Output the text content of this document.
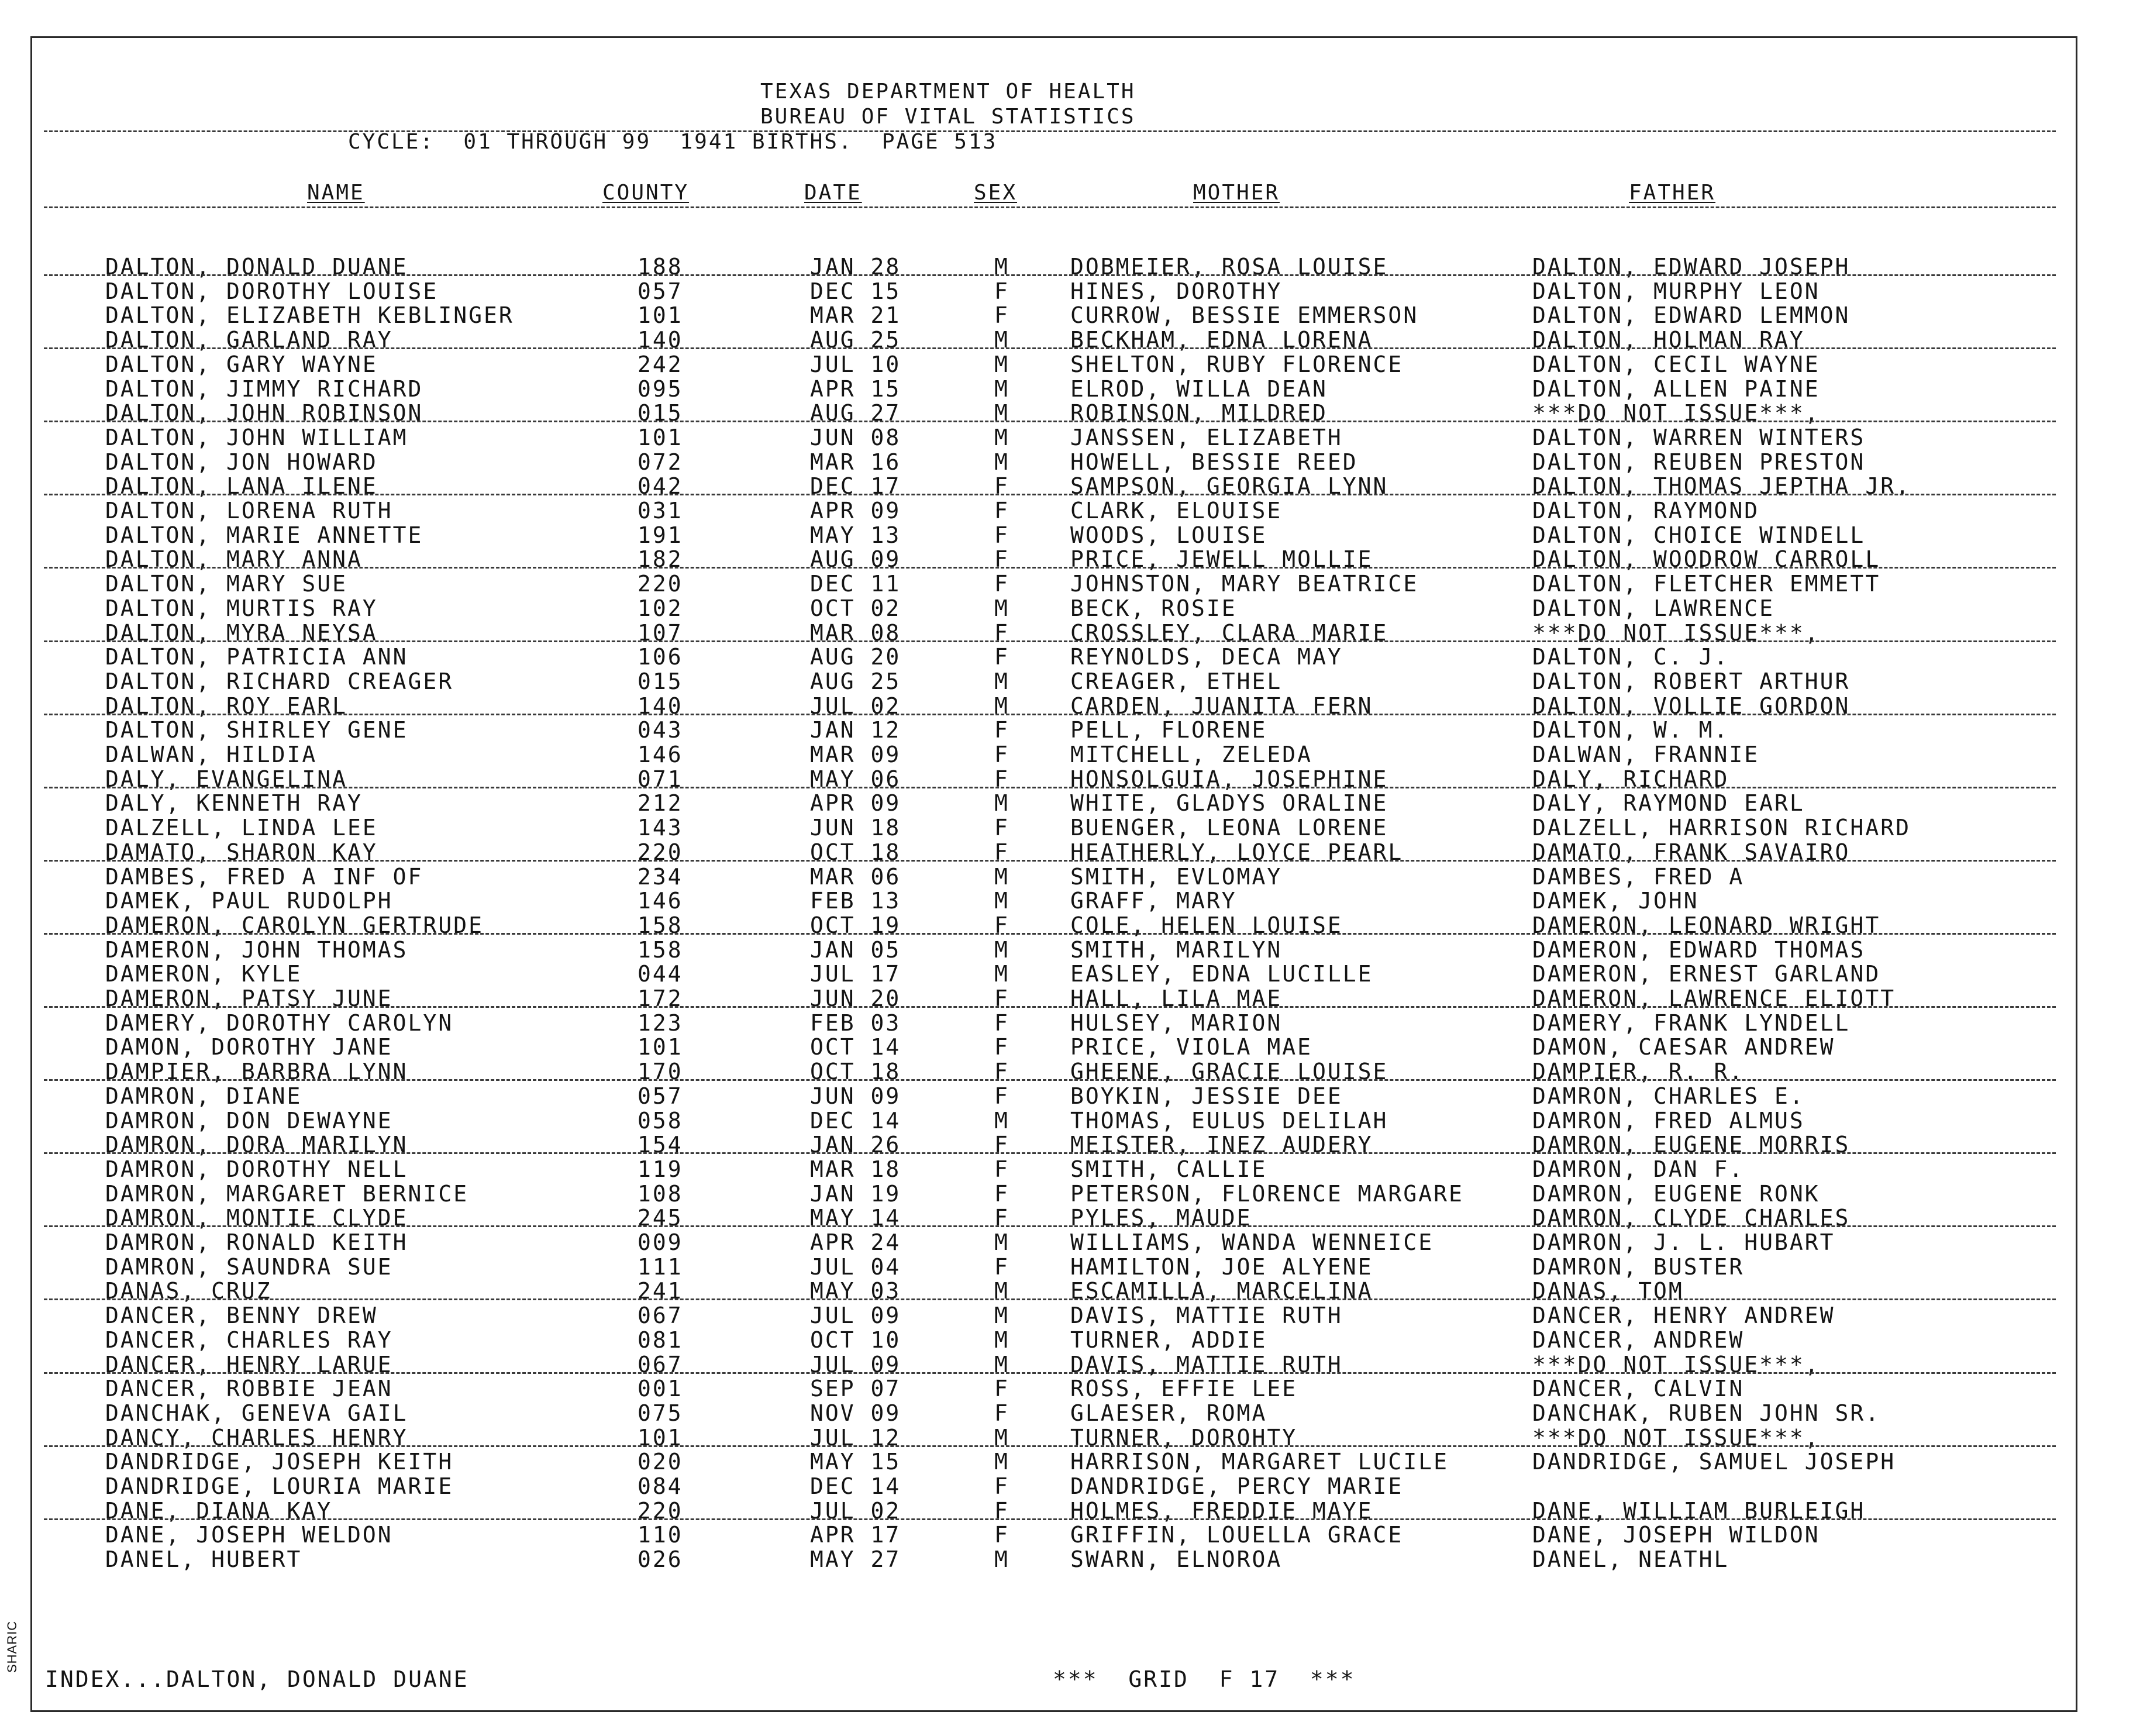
TEXAS DEPARTMENT OF HEALTH
BUREAU OF VITAL STATISTICS
CYCLE:  01 THROUGH 99  1941 BIRTHS.  PAGE 513
NAME	COUNTY	DATE	SEX	MOTHER	FATHER
DALTON, DONALD DUANE	188	JAN 28	M	DOBMEIER, ROSA LOUISE	DALTON, EDWARD JOSEPH
DALTON, DOROTHY LOUISE	057	DEC 15	F	HINES, DOROTHY	DALTON, MURPHY LEON
DALTON, ELIZABETH KEBLINGER	101	MAR 21	F	CURROW, BESSIE EMMERSON	DALTON, EDWARD LEMMON
DALTON, GARLAND RAY	140	AUG 25	M	BECKHAM, EDNA LORENA	DALTON, HOLMAN RAY
DALTON, GARY WAYNE	242	JUL 10	M	SHELTON, RUBY FLORENCE	DALTON, CECIL WAYNE
DALTON, JIMMY RICHARD	095	APR 15	M	ELROD, WILLA DEAN	DALTON, ALLEN PAINE
DALTON, JOHN ROBINSON	015	AUG 27	M	ROBINSON, MILDRED	***DO NOT ISSUE***,
DALTON, JOHN WILLIAM	101	JUN 08	M	JANSSEN, ELIZABETH	DALTON, WARREN WINTERS
DALTON, JON HOWARD	072	MAR 16	M	HOWELL, BESSIE REED	DALTON, REUBEN PRESTON
DALTON, LANA ILENE	042	DEC 17	F	SAMPSON, GEORGIA LYNN	DALTON, THOMAS JEPTHA JR.
DALTON, LORENA RUTH	031	APR 09	F	CLARK, ELOUISE	DALTON, RAYMOND
DALTON, MARIE ANNETTE	191	MAY 13	F	WOODS, LOUISE	DALTON, CHOICE WINDELL
DALTON, MARY ANNA	182	AUG 09	F	PRICE, JEWELL MOLLIE	DALTON, WOODROW CARROLL
DALTON, MARY SUE	220	DEC 11	F	JOHNSTON, MARY BEATRICE	DALTON, FLETCHER EMMETT
DALTON, MURTIS RAY	102	OCT 02	M	BECK, ROSIE	DALTON, LAWRENCE
DALTON, MYRA NEYSA	107	MAR 08	F	CROSSLEY, CLARA MARIE	***DO NOT ISSUE***,
DALTON, PATRICIA ANN	106	AUG 20	F	REYNOLDS, DECA MAY	DALTON, C. J.
DALTON, RICHARD CREAGER	015	AUG 25	M	CREAGER, ETHEL	DALTON, ROBERT ARTHUR
DALTON, ROY EARL	140	JUL 02	M	CARDEN, JUANITA FERN	DALTON, VOLLIE GORDON
DALTON, SHIRLEY GENE	043	JAN 12	F	PELL, FLORENE	DALTON, W. M.
DALWAN, HILDIA	146	MAR 09	F	MITCHELL, ZELEDA	DALWAN, FRANNIE
DALY, EVANGELINA	071	MAY 06	F	HONSOLGUIA, JOSEPHINE	DALY, RICHARD
DALY, KENNETH RAY	212	APR 09	M	WHITE, GLADYS ORALINE	DALY, RAYMOND EARL
DALZELL, LINDA LEE	143	JUN 18	F	BUENGER, LEONA LORENE	DALZELL, HARRISON RICHARD
DAMATO, SHARON KAY	220	OCT 18	F	HEATHERLY, LOYCE PEARL	DAMATO, FRANK SAVAIRO
DAMBES, FRED A INF OF	234	MAR 06	M	SMITH, EVLOMAY	DAMBES, FRED A
DAMEK, PAUL RUDOLPH	146	FEB 13	M	GRAFF, MARY	DAMEK, JOHN
DAMERON, CAROLYN GERTRUDE	158	OCT 19	F	COLE, HELEN LOUISE	DAMERON, LEONARD WRIGHT
DAMERON, JOHN THOMAS	158	JAN 05	M	SMITH, MARILYN	DAMERON, EDWARD THOMAS
DAMERON, KYLE	044	JUL 17	M	EASLEY, EDNA LUCILLE	DAMERON, ERNEST GARLAND
DAMERON, PATSY JUNE	172	JUN 20	F	HALL, LILA MAE	DAMERON, LAWRENCE ELIOTT
DAMERY, DOROTHY CAROLYN	123	FEB 03	F	HULSEY, MARION	DAMERY, FRANK LYNDELL
DAMON, DOROTHY JANE	101	OCT 14	F	PRICE, VIOLA MAE	DAMON, CAESAR ANDREW
DAMPIER, BARBRA LYNN	170	OCT 18	F	GHEENE, GRACIE LOUISE	DAMPIER, R. R.
DAMRON, DIANE	057	JUN 09	F	BOYKIN, JESSIE DEE	DAMRON, CHARLES E.
DAMRON, DON DEWAYNE	058	DEC 14	M	THOMAS, EULUS DELILAH	DAMRON, FRED ALMUS
DAMRON, DORA MARILYN	154	JAN 26	F	MEISTER, INEZ AUDERY	DAMRON, EUGENE MORRIS
DAMRON, DOROTHY NELL	119	MAR 18	F	SMITH, CALLIE	DAMRON, DAN F.
DAMRON, MARGARET BERNICE	108	JAN 19	F	PETERSON, FLORENCE MARGARE	DAMRON, EUGENE RONK
DAMRON, MONTIE CLYDE	245	MAY 14	F	PYLES, MAUDE	DAMRON, CLYDE CHARLES
DAMRON, RONALD KEITH	009	APR 24	M	WILLIAMS, WANDA WENNEICE	DAMRON, J. L. HUBART
DAMRON, SAUNDRA SUE	111	JUL 04	F	HAMILTON, JOE ALYENE	DAMRON, BUSTER
DANAS, CRUZ	241	MAY 03	M	ESCAMILLA, MARCELINA	DANAS, TOM
DANCER, BENNY DREW	067	JUL 09	M	DAVIS, MATTIE RUTH	DANCER, HENRY ANDREW
DANCER, CHARLES RAY	081	OCT 10	M	TURNER, ADDIE	DANCER, ANDREW
DANCER, HENRY LARUE	067	JUL 09	M	DAVIS, MATTIE RUTH	***DO NOT ISSUE***,
DANCER, ROBBIE JEAN	001	SEP 07	F	ROSS, EFFIE LEE	DANCER, CALVIN
DANCHAK, GENEVA GAIL	075	NOV 09	F	GLAESER, ROMA	DANCHAK, RUBEN JOHN SR.
DANCY, CHARLES HENRY	101	JUL 12	M	TURNER, DOROHTY	***DO NOT ISSUE***,
DANDRIDGE, JOSEPH KEITH	020	MAY 15	M	HARRISON, MARGARET LUCILE	DANDRIDGE, SAMUEL JOSEPH
DANDRIDGE, LOURIA MARIE	084	DEC 14	F	DANDRIDGE, PERCY MARIE
DANE, DIANA KAY	220	JUL 02	F	HOLMES, FREDDIE MAYE	DANE, WILLIAM BURLEIGH
DANE, JOSEPH WELDON	110	APR 17	F	GRIFFIN, LOUELLA GRACE	DANE, JOSEPH WILDON
DANEL, HUBERT	026	MAY 27	M	SWARN, ELNOROA	DANEL, NEATHL
INDEX...DALTON, DONALD DUANE	***  GRID  F 17  ***
SHARIC
